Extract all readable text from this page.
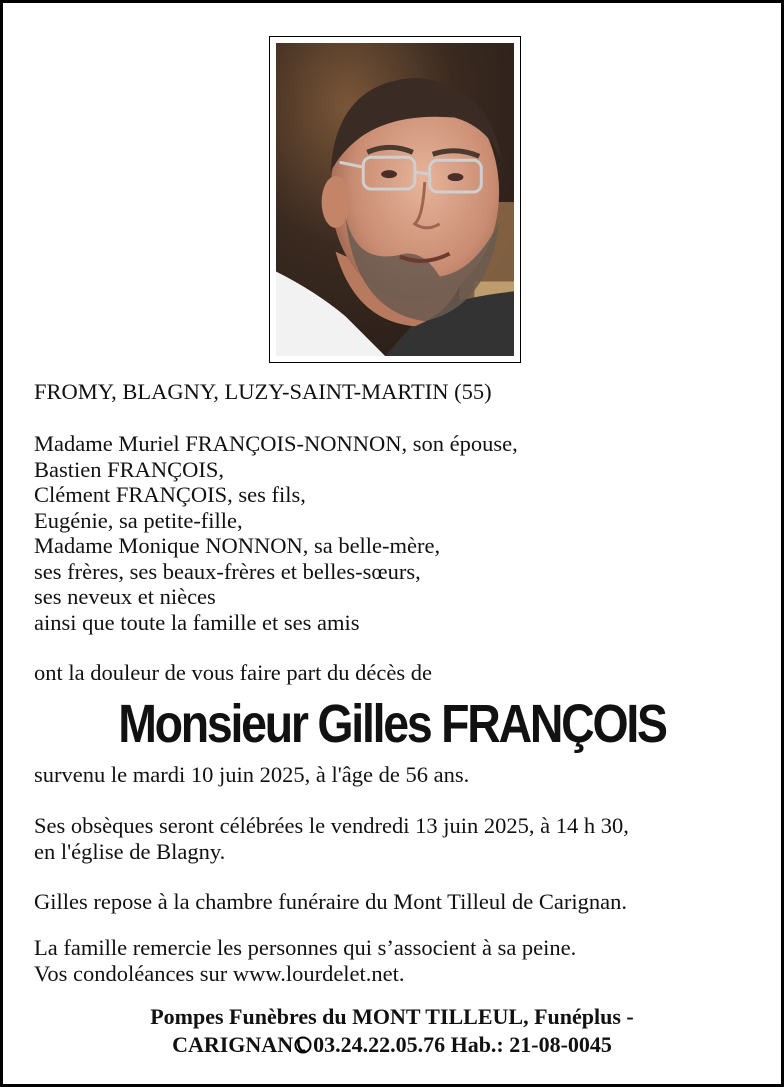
FROMY, BLAGNY, LUZY-SAINT-MARTIN (55)
Madame Muriel FRANÇOIS-NONNON, son épouse,
Bastien FRANÇOIS,
Clément FRANÇOIS, ses fils,
Eugénie, sa petite-fille,
Madame Monique NONNON, sa belle-mère,
ses frères, ses beaux-frères et belles-sœurs,
ses neveux et nièces
ainsi que toute la famille et ses amis
ont la douleur de vous faire part du décès de
Monsieur Gilles FRANÇOIS
survenu le mardi 10 juin 2025, à l'âge de 56 ans.
Ses obsèques seront célébrées le vendredi 13 juin 2025, à 14 h 30,
en l'église de Blagny.
Gilles repose à la chambre funéraire du Mont Tilleul de Carignan.
La famille remercie les personnes qui s’associent à sa peine.
Vos condoléances sur www.lourdelet.net.
Pompes Funèbres du MONT TILLEUL, Funéplus -
CARIGNAN 03.24.22.05.76 Hab.: 21-08-0045
